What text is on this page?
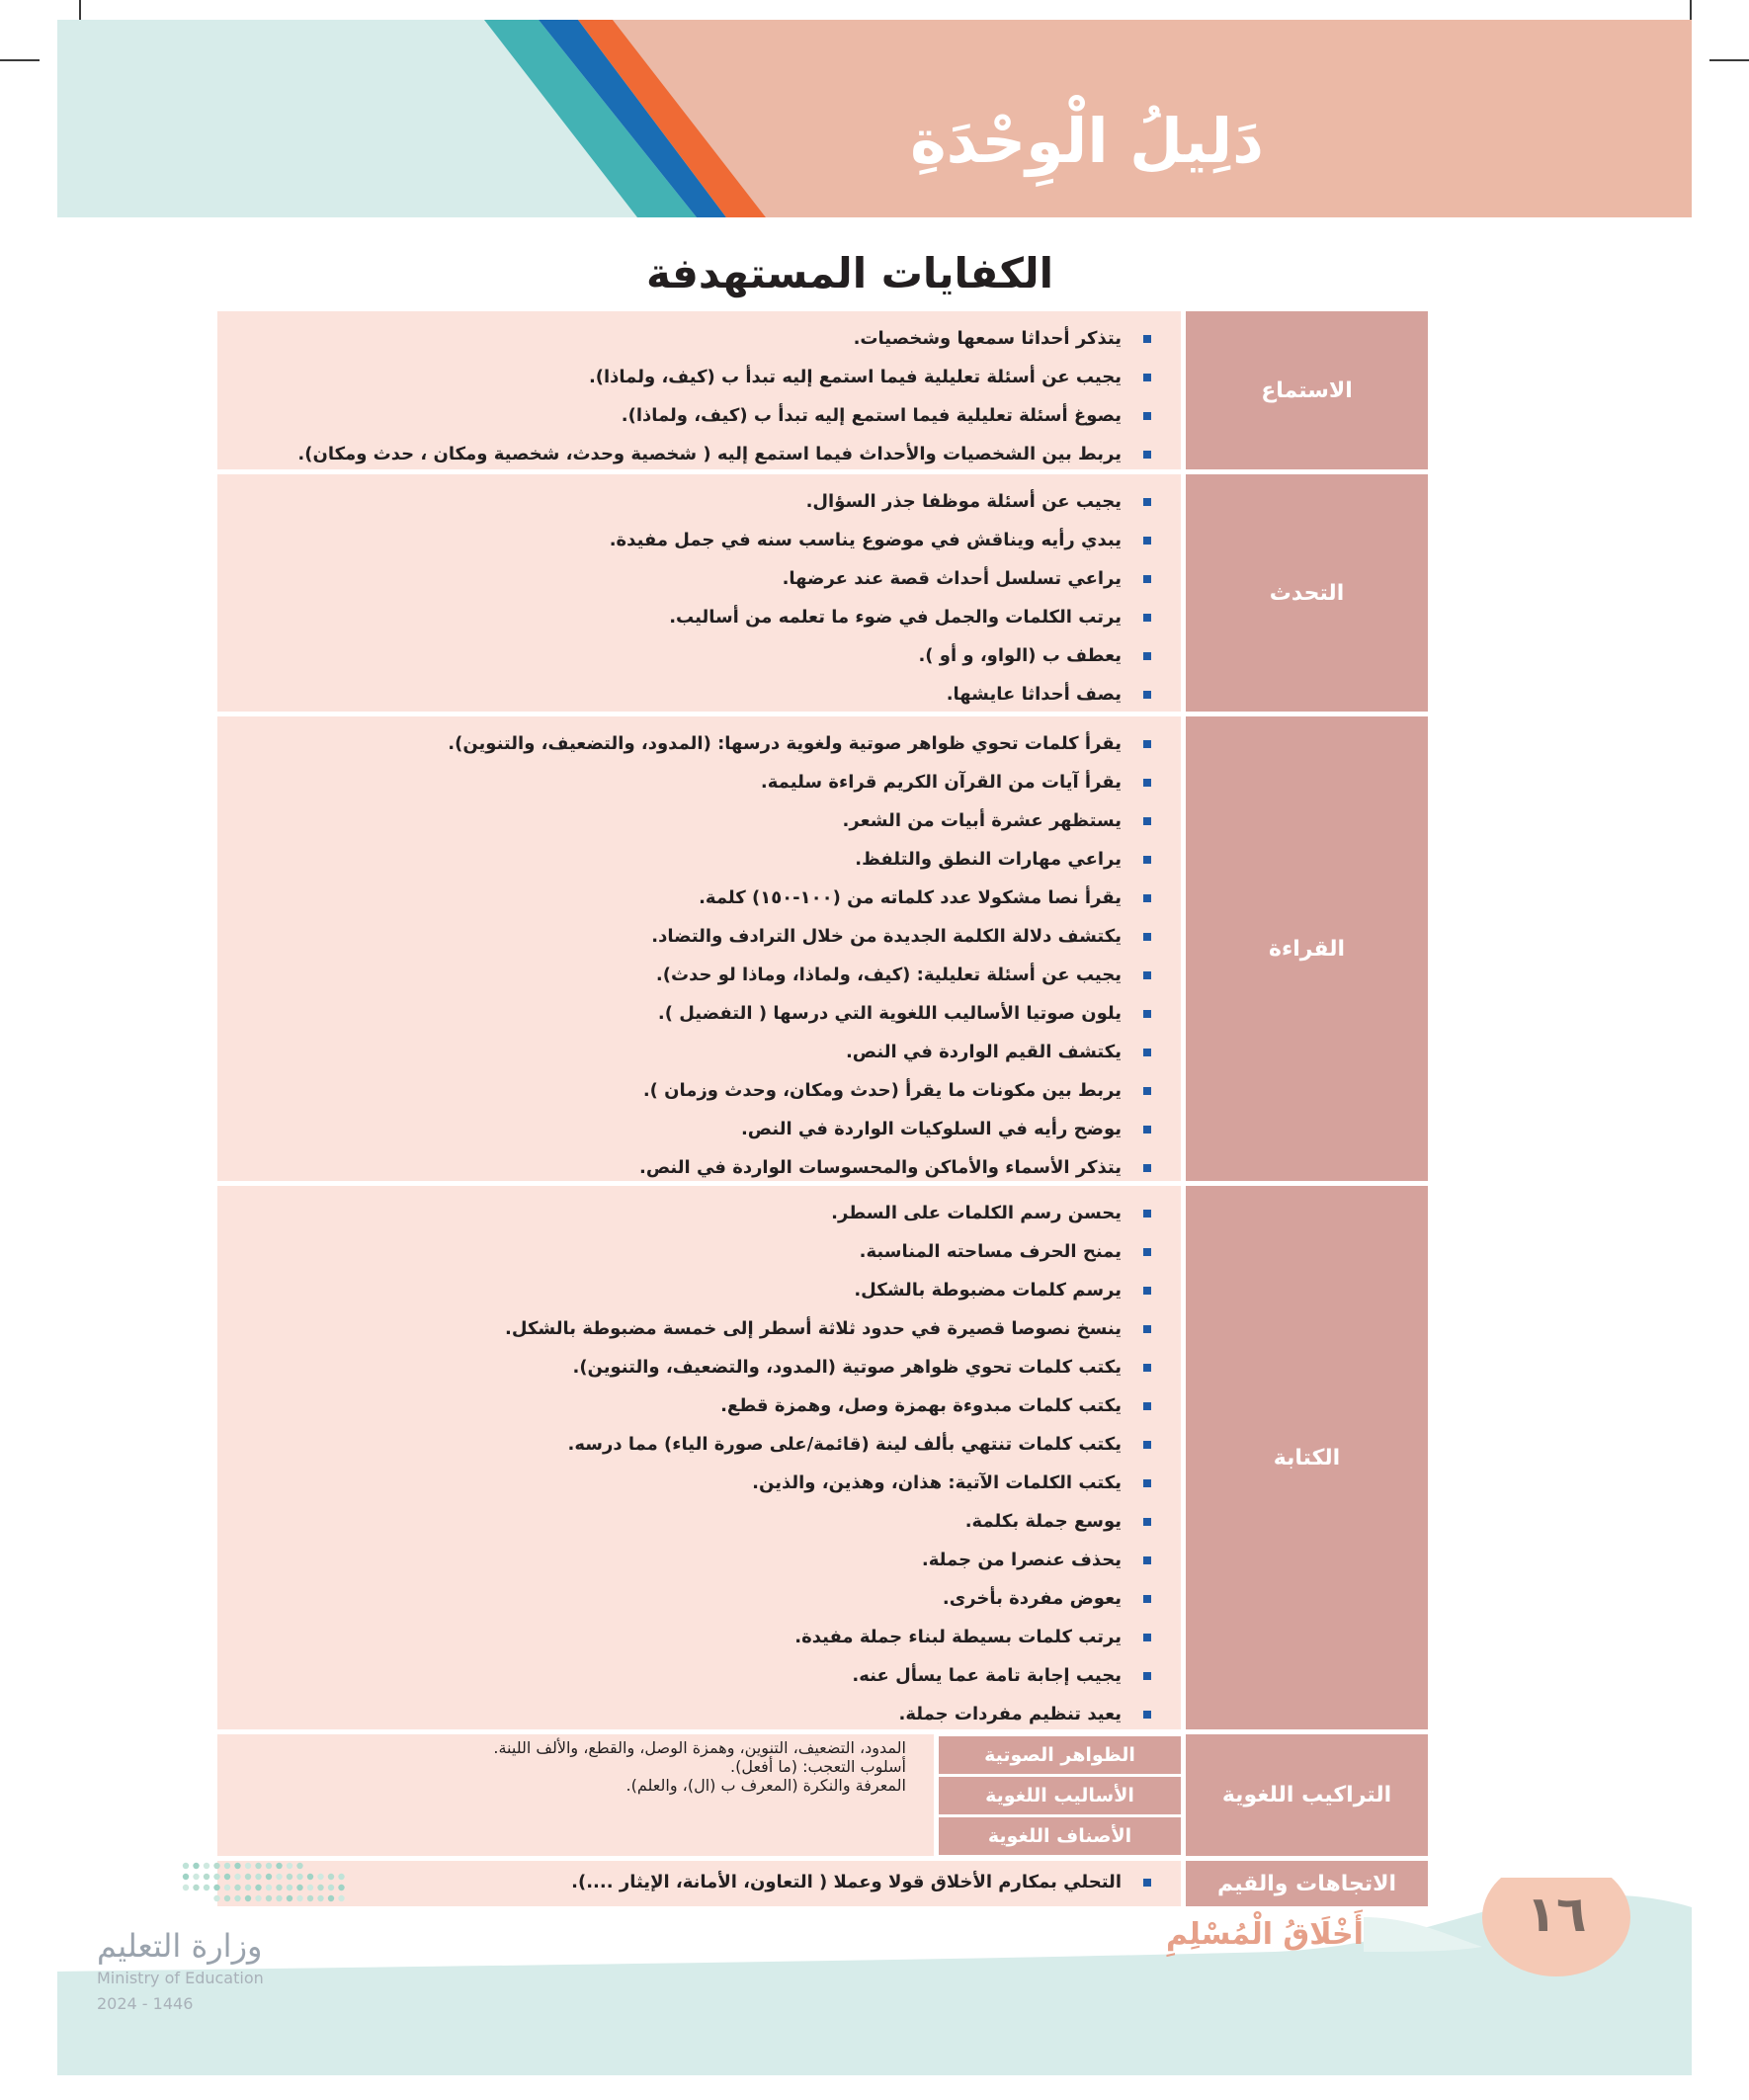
دَلِيلُ الْوِحْدَةِ
الكفايات المستهدفة
الاستماع
يتذكر أحداثا سمعها وشخصيات.
يجيب عن أسئلة تعليلية فيما استمع إليه تبدأ ب (كيف، ولماذا).
يصوغ أسئلة تعليلية فيما استمع إليه تبدأ ب (كيف، ولماذا).
يربط بين الشخصيات والأحداث فيما استمع إليه ( شخصية وحدث، شخصية ومكان ، حدث ومكان).
التحدث
يجيب عن أسئلة موظفا جذر السؤال.
يبدي رأيه ويناقش في موضوع يناسب سنه في جمل مفيدة.
يراعي تسلسل أحداث قصة عند عرضها.
يرتب الكلمات والجمل في ضوء ما تعلمه من أساليب.
يعطف ب (الواو، و أو ).
يصف أحداثا عايشها.
القراءة
يقرأ كلمات تحوي ظواهر صوتية ولغوية درسها: (المدود، والتضعيف، والتنوين).
يقرأ آيات من القرآن الكريم قراءة سليمة.
يستظهر عشرة أبيات من الشعر.
يراعي مهارات النطق والتلفظ.
يقرأ نصا مشكولا عدد كلماته من (١٠٠-١٥٠) كلمة.
يكتشف دلالة الكلمة الجديدة من خلال الترادف والتضاد.
يجيب عن أسئلة تعليلية: (كيف، ولماذا، وماذا لو حدث).
يلون صوتيا الأساليب اللغوية التي درسها ( التفضيل ).
يكتشف القيم الواردة في النص.
يربط بين مكونات ما يقرأ (حدث ومكان، وحدث وزمان ).
يوضح رأيه في السلوكيات الواردة في النص.
يتذكر الأسماء والأماكن والمحسوسات الواردة في النص.
الكتابة
يحسن رسم الكلمات على السطر.
يمنح الحرف مساحته المناسبة.
يرسم كلمات مضبوطة بالشكل.
ينسخ نصوصا قصيرة في حدود ثلاثة أسطر إلى خمسة مضبوطة بالشكل.
يكتب كلمات تحوي ظواهر صوتية (المدود، والتضعيف، والتنوين).
يكتب كلمات مبدوءة بهمزة وصل، وهمزة قطع.
يكتب كلمات تنتهي بألف لينة (قائمة/على صورة الياء) مما درسه.
يكتب الكلمات الآتية: هذان، وهذين، والذين.
يوسع جملة بكلمة.
يحذف عنصرا من جملة.
يعوض مفردة بأخرى.
يرتب كلمات بسيطة لبناء جملة مفيدة.
يجيب إجابة تامة عما يسأل عنه.
يعيد تنظيم مفردات جملة.
التراكيب اللغوية
الظواهر الصوتية
الأساليب اللغوية
الأصناف اللغوية
المدود، التضعيف، التنوين، وهمزة الوصل، والقطع، والألف اللينة.
أسلوب التعجب: (ما أفعل).
المعرفة والنكرة (المعرف ب (ال)، والعلم).
الاتجاهات والقيم
التحلي بمكارم الأخلاق قولا وعملا ( التعاون، الأمانة، الإيثار ....).
١٦
أَخْلَاقُ الْمُسْلِمِ
وزارة التعليم
Ministry of Education
2024 - 1446
